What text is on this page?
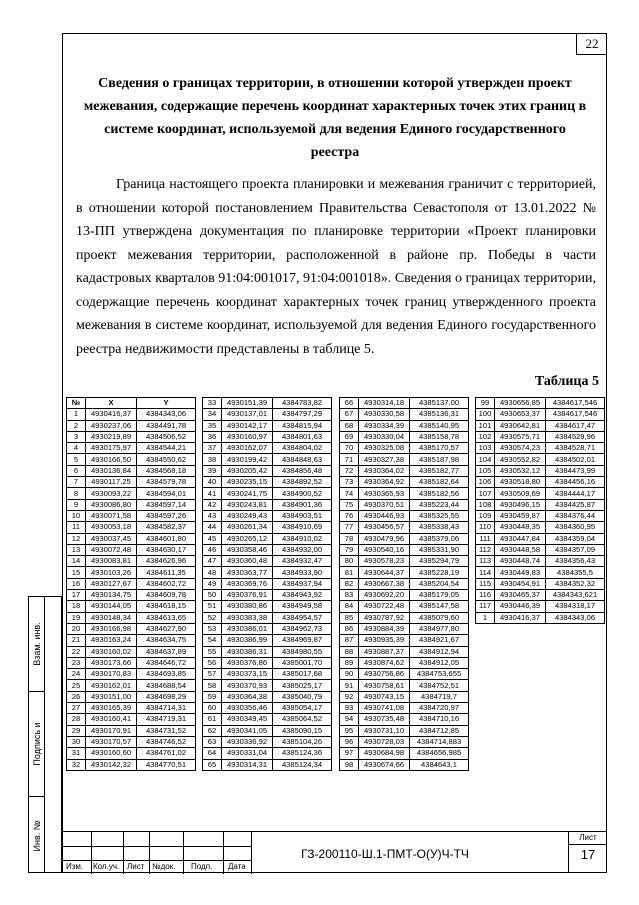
22
Сведения о границах территории, в отношении которой утвержден проект межевания, содержащие перечень координат характерных точек этих границ в системе координат, используемой для ведения Единого государственного реестра

Граница настоящего проекта планировки и межевания граничит с территорией, в отношении которой постановлением Правительства Севастополя от 13.01.2022 № 13-ПП утверждена документация по планировке территории «Проект планировки проект межевания территории, расположенной в районе пр. Победы в части кадастровых кварталов 91:04:001017, 91:04:001018». Сведения о границах территории, содержащие перечень координат характерных точек границ утвержденного проекта межевания в системе координат, используемой для ведения Единого государственного реестра недвижимости представлены в таблице 5.

Таблица 5
№	X	Y
1	4930416,37	4384343,06
2	4930237,06	4384491,78
3	4930219,89	4384506,52
4	4930175,97	4384544,21
5	4930166,50	4384550,62
6	4930136,84	4384568,18
7	4930117,25	4384579,78
8	4930093,22	4384594,01
9	4930086,80	4384597,14
10	4930071,58	4384597,26
11	4930053,18	4384582,37
12	4930037,45	4384601,80
13	4930072,48	4384630,17
14	4930083,81	4384626,96
15	4930103,26	4384611,35
16	4930127,67	4384602,72
17	4930134,75	4384609,78
18	4930144,05	4384618,15
19	4930148,34	4384613,65
20	4930166,98	4384627,90
21	4930163,24	4384634,75
22	4930160,02	4384637,89
23	4930173,66	4384646,72
24	4930170,83	4384693,85
25	4930162,01	4384688,54
26	4930151,00	4384698,29
27	4930165,39	4384714,31
28	4930160,41	4384719,31
29	4930170,91	4384731,52
30	4930170,57	4384746,52
31	4930160,60	4384761,02
32	4930142,32	4384770,51
33	4930151,39	4384783,82
34	4930137,01	4384797,29
35	4930142,17	4384815,94
36	4930160,97	4384801,63
37	4930162,07	4384804,02
38	4930199,42	4384848,63
39	4930205,42	4384856,48
40	4930235,15	4384892,52
41	4930241,75	4384900,52
42	4930243,81	4384901,36
43	4930249,43	4384903,51
44	4930261,34	4384910,69
45	4930265,12	4384910,02
46	4930358,46	4384932,00
47	4930360,48	4384932,47
48	4930363,77	4384933,90
49	4930369,76	4384937,94
50	4930376,91	4384943,92
51	4930380,86	4384949,58
52	4930383,38	4384954,57
53	4930386,01	4384962,73
54	4930386,99	4384969,87
55	4930386,31	4384980,55
56	4930376,86	4385001,70
57	4930373,15	4385017,68
58	4930370,93	4385025,17
59	4930364,38	4385040,79
60	4930356,46	4385054,17
61	4930349,45	4385064,52
62	4930341,05	4385090,15
63	4930336,92	4385104,26
64	4930331,04	4385124,36
65	4930314,31	4385124,34
66	4930314,18	4385137,00
67	4930330,58	4385136,31
68	4930334,39	4385140,95
69	4930330,04	4385158,78
70	4930325,08	4385170,57
71	4930327,38	4385187,98
72	4930364,02	4385182,77
73	4930364,92	4385182,64
74	4930365,93	4385182,56
75	4930370,51	4385223,44
76	4930446,93	4385325,55
77	4930456,57	4385338,43
78	4930479,96	4385379,06
79	4930540,16	4385331,90
80	4930578,23	4385294,79
81	4930644,37	4385228,19
82	4930667,38	4385204,54
83	4930692,20	4385179,05
84	4930722,48	4385147,58
85	4930787,92	4385079,60
86	4930884,39	4384977,80
87	4930935,39	4384921,67
88	4930887,37	4384912,94
89	4930874,62	4384912,05
90	4930756,86	4384753,655
91	4930758,61	4384752,51
92	4930743,15	4384719,7
93	4930741,08	4384720,97
94	4930735,48	4384710,16
95	4930731,10	4384712,85
96	4930728,03	4384714,883
97	4930684,98	4384656,985
98	4930674,66	4384643,1
99	4930656,85	4384617,546
100	4930653,37	4384617,546
101	4930642,81	4384617,47
102	4930575,71	4384529,96
103	4930574,23	4384528,71
104	4930552,82	4384502,01
105	4930532,12	4384473,99
106	4930518,80	4384456,16
107	4930509,69	4384444,17
108	4930496,15	4384425,87
109	4930459,87	4384376,44
110	4930448,35	4384360,95
111	4930447,84	4384359,04
112	4930448,58	4384357,09
113	4930448,74	4384356,43
114	4930449,83	4384355,5
115	4930454,91	4384352,32
116	4930465,37	4384343,621
117	4930446,39	4384318,17
1	4930416,37	4384343,06
Взам. инв.
Подпись и
Инв. №
Изм. Кол.уч. Лист №док. Подп. Дата
ГЗ-200110-Ш.1-ПМТ-О(У)Ч-ТЧ
Лист
17
